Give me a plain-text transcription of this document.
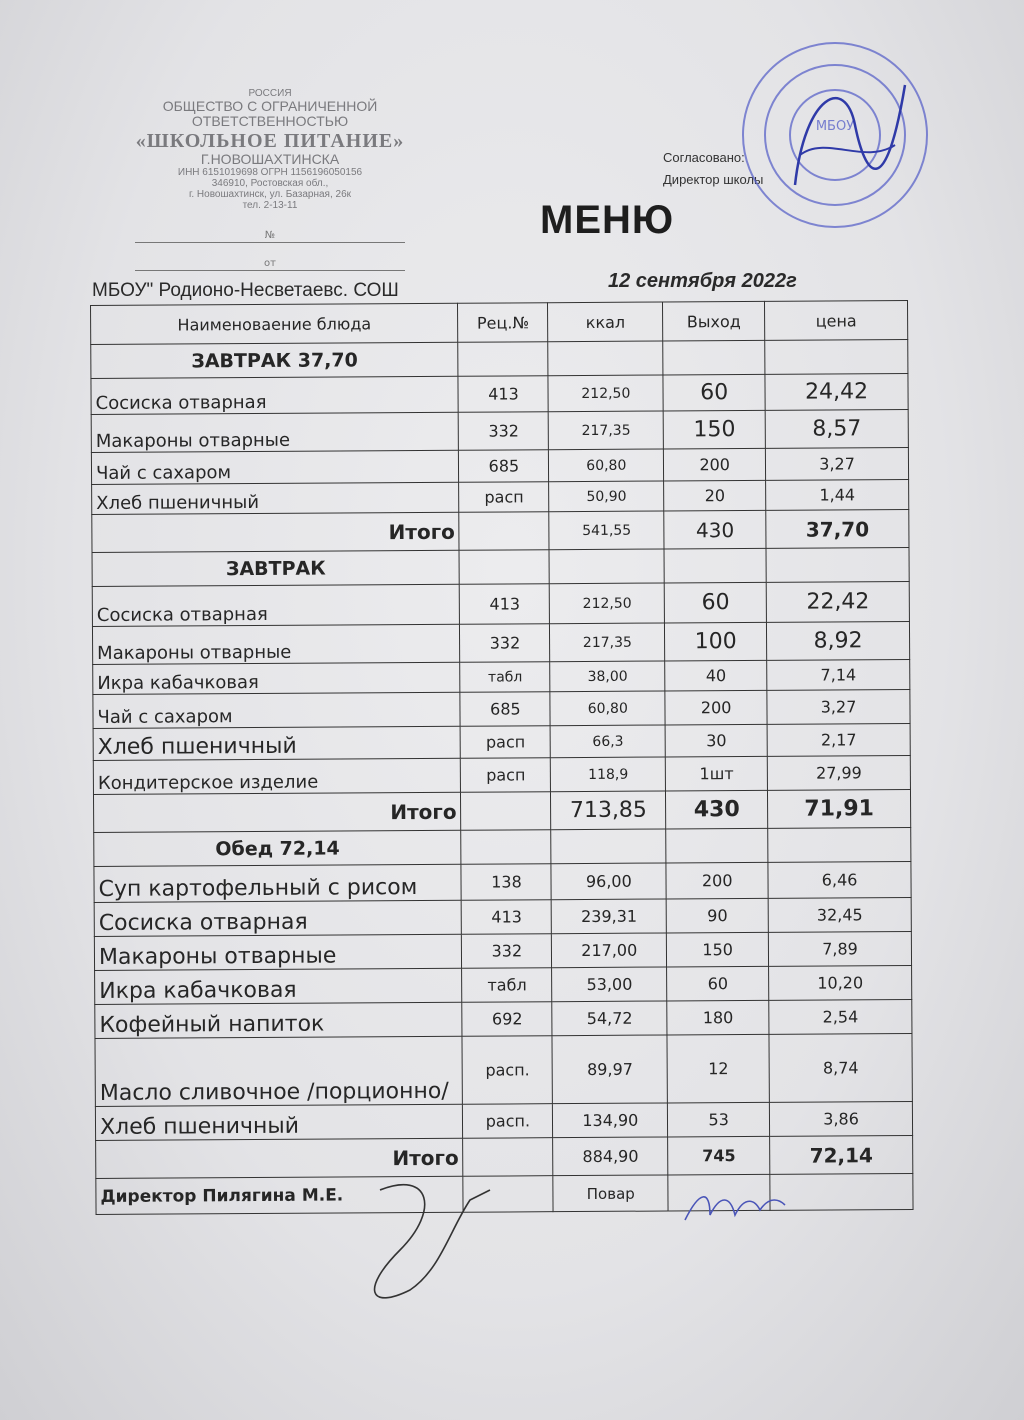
РОССИЯ
ОБЩЕСТВО С ОГРАНИЧЕННОЙ
ОТВЕТСТВЕННОСТЬЮ
«ШКОЛЬНОЕ ПИТАНИЕ»
Г.НОВОШАХТИНСКА
ИНН 6151019698 ОГРН 1156196050156
346910, Ростовская обл.,
г. Новошахтинск, ул. Базарная, 26к
тел. 2-13-11
№
от
Согласовано:
Директор школы
МБОУ
МЕНЮ
МБОУ" Родионо-Несветаевс. СОШ	12 сентября 2022г
Наименоваение блюда	Рец.№	ккал	Выход	цена
ЗАВТРАК 37,70				
Сосиска отварная	413	212,50	60	24,42
Макароны отварные	332	217,35	150	8,57
Чай с сахаром	685	60,80	200	3,27
Хлеб пшеничный	расп	50,90	20	1,44
Итого		541,55	430	37,70
ЗАВТРАК				
Сосиска отварная	413	212,50	60	22,42
Макароны отварные	332	217,35	100	8,92
Икра кабачковая	табл	38,00	40	7,14
Чай с сахаром	685	60,80	200	3,27
Хлеб пшеничный	расп	66,3	30	2,17
Кондитерское изделие	расп	118,9	1шт	27,99
Итого		713,85	430	71,91
Обед 72,14				
Суп картофельный с рисом	138	96,00	200	6,46
Сосиска отварная	413	239,31	90	32,45
Макароны отварные	332	217,00	150	7,89
Икра кабачковая	табл	53,00	60	10,20
Кофейный напиток	692	54,72	180	2,54
Масло сливочное /порционно/	расп.	89,97	12	8,74
Хлеб пшеничный	расп.	134,90	53	3,86
Итого		884,90	745	72,14
Директор Пилягина М.Е.		Повар		
